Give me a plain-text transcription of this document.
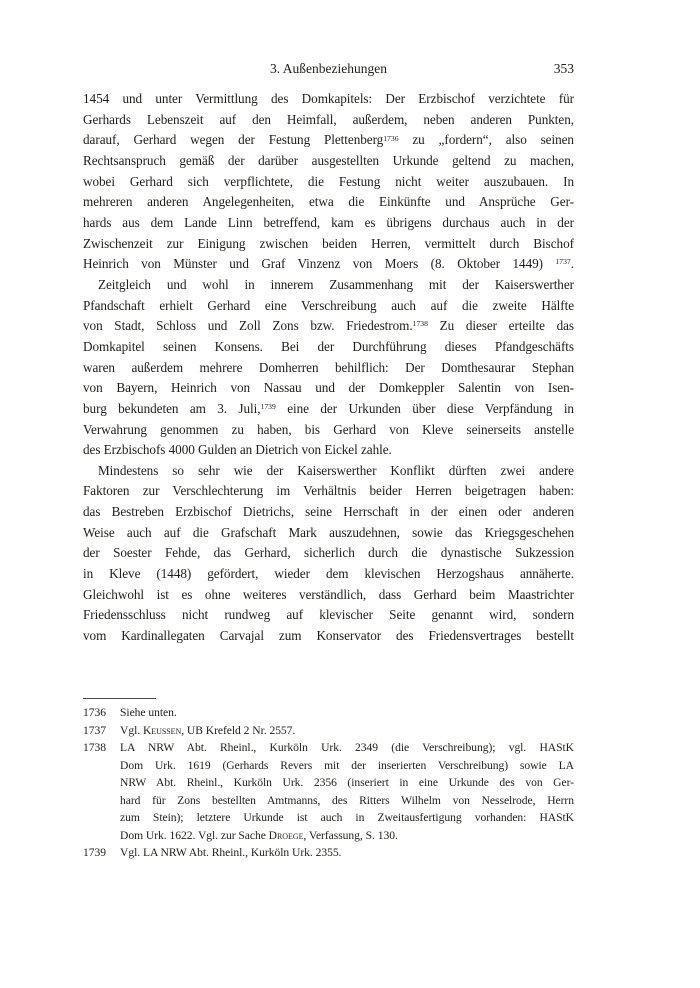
3. Außenbeziehungen	353
1454 und unter Vermittlung des Domkapitels: Der Erzbischof verzichtete für
Gerhards Lebenszeit auf den Heimfall, außerdem, neben anderen Punkten,
darauf, Gerhard wegen der Festung Plettenberg$^{1736}$ zu „fordern“, also seinen
Rechtsanspruch gemäß der darüber ausgestellten Urkunde geltend zu machen,
wobei Gerhard sich verpflichtete, die Festung nicht weiter auszubauen. In
mehreren anderen Angelegenheiten, etwa die Einkünfte und Ansprüche Ger-
hards aus dem Lande Linn betreffend, kam es übrigens durchaus auch in der
Zwischenzeit zur Einigung zwischen beiden Herren, vermittelt durch Bischof
Heinrich von Münster und Graf Vinzenz von Moers (8. Oktober 1449) $^{1737}$.
Zeitgleich und wohl in innerem Zusammenhang mit der Kaiserswerther
Pfandschaft erhielt Gerhard eine Verschreibung auch auf die zweite Hälfte
von Stadt, Schloss und Zoll Zons bzw. Friedestrom.$^{1738}$ Zu dieser erteilte das
Domkapitel seinen Konsens. Bei der Durchführung dieses Pfandgeschäfts
waren außerdem mehrere Domherren behilflich: Der Domthesaurar Stephan
von Bayern, Heinrich von Nassau und der Domkeppler Salentin von Isen-
burg bekundeten am 3. Juli,$^{1739}$ eine der Urkunden über diese Verpfändung in
Verwahrung genommen zu haben, bis Gerhard von Kleve seinerseits anstelle
des Erzbischofs 4000 Gulden an Dietrich von Eickel zahle.
Mindestens so sehr wie der Kaiserswerther Konflikt dürften zwei andere
Faktoren zur Verschlechterung im Verhältnis beider Herren beigetragen haben:
das Bestreben Erzbischof Dietrichs, seine Herrschaft in der einen oder anderen
Weise auch auf die Grafschaft Mark auszudehnen, sowie das Kriegsgeschehen
der Soester Fehde, das Gerhard, sicherlich durch die dynastische Sukzession
in Kleve (1448) gefördert, wieder dem klevischen Herzogshaus annäherte.
Gleichwohl ist es ohne weiteres verständlich, dass Gerhard beim Maastrichter
Friedensschluss nicht rundweg auf klevischer Seite genannt wird, sondern
vom Kardinallegaten Carvajal zum Konservator des Friedensvertrages bestellt
1736 Siehe unten.
1737 Vgl. Keussen, UB Krefeld 2 Nr. 2557.
1738 LA NRW Abt. Rheinl., Kurköln Urk. 2349 (die Verschreibung); vgl. HAStK
Dom Urk. 1619 (Gerhards Revers mit der inserierten Verschreibung) sowie LA
NRW Abt. Rheinl., Kurköln Urk. 2356 (inseriert in eine Urkunde des von Ger-
hard für Zons bestellten Amtmanns, des Ritters Wilhelm von Nesselrode, Herrn
zum Stein); letztere Urkunde ist auch in Zweitausfertigung vorhanden: HAStK
Dom Urk. 1622. Vgl. zur Sache Droege, Verfassung, S. 130.
1739 Vgl. LA NRW Abt. Rheinl., Kurköln Urk. 2355.
